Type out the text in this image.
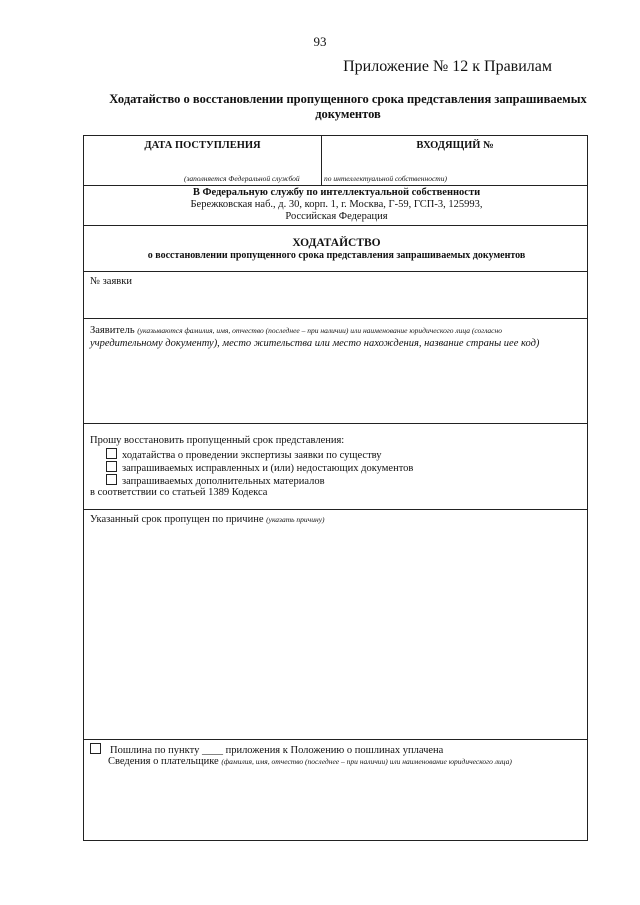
93
Приложение № 12 к Правилам
Ходатайство о восстановлении пропущенного срока представления запрашиваемых
документов
ДАТА ПОСТУПЛЕНИЯ	ВХОДЯЩИЙ №
(заполняется Федеральной службой	по интеллектуальной собственности)
В Федеральную службу по интеллектуальной собственности
Бережковская наб., д. 30, корп. 1, г. Москва, Г-59, ГСП-3, 125993,
Российская Федерация
ХОДАТАЙСТВО
о восстановлении пропущенного срока представления запрашиваемых документов
№ заявки
Заявитель (указываются фамилия, имя, отчество (последнее – при наличии) или наименование юридического лица (согласно
учредительному документу), место жительства или место нахождения, название страны иее код)
Прошу восстановить пропущенный срок представления:
ходатайства о проведении экспертизы заявки по существу
запрашиваемых исправленных и (или) недостающих документов
запрашиваемых дополнительных материалов
в соответствии со статьей 1389 Кодекса
Указанный срок пропущен по причине (указать причину)
Пошлина по пункту ____ приложения к Положению о пошлинах уплачена
Сведения о плательщике (фамилия, имя, отчество (последнее – при наличии) или наименование юридического лица)
